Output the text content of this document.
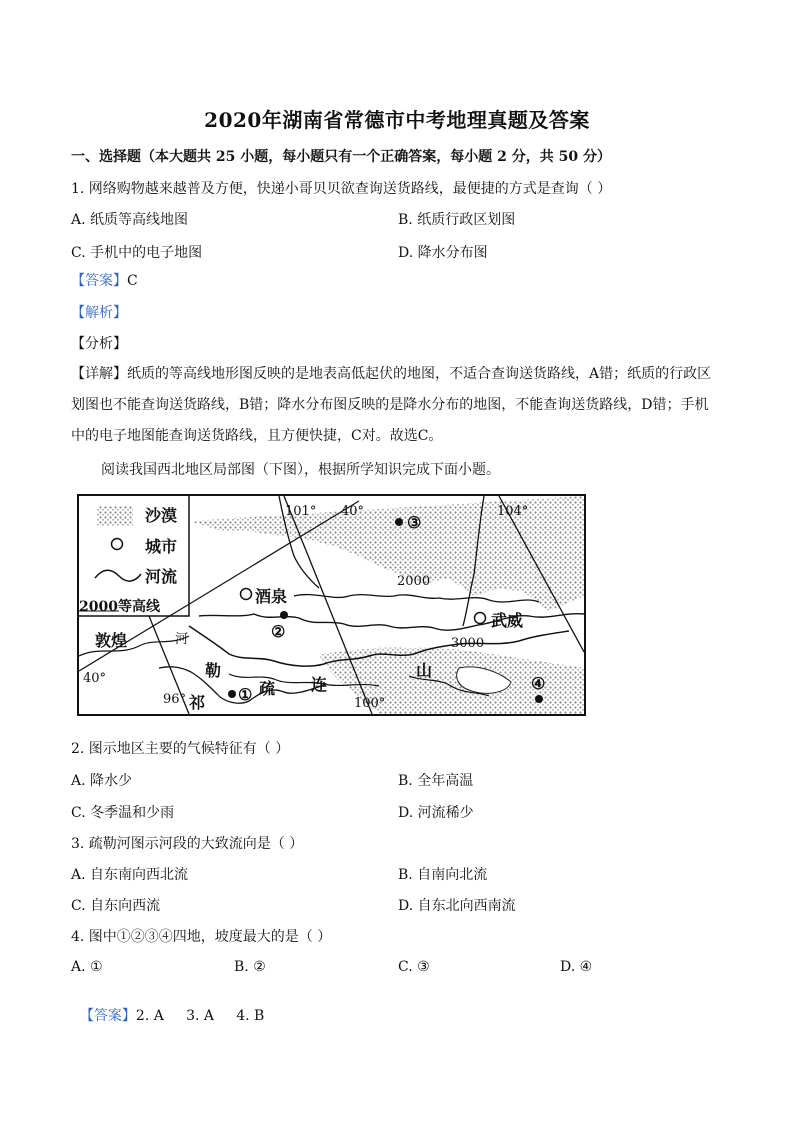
2020年湖南省常德市中考地理真题及答案
一、选择题（本大题共 25 小题，每小题只有一个正确答案，每小题 2 分，共 50 分）
1. 网络购物越来越普及方便，快递小哥贝贝欲查询送货路线，最便捷的方式是查询（ ）
A. 纸质等高线地图	B. 纸质行政区划图
C. 手机中的电子地图	D. 降水分布图
【答案】C
【解析】
【分析】
【详解】纸质的等高线地形图反映的是地表高低起伏的地图，不适合查询送货路线，A错；纸质的行政区划图也不能查询送货路线，B错；降水分布图反映的是降水分布的地图，不能查询送货路线，D错；手机中的电子地图能查询送货路线，且方便快捷，C对。故选C。
阅读我国西北地区局部图（下图），根据所学知识完成下面小题。
沙漠
城市
河流
2000等高线
101° 40°	104°
40°
96°	100°
2000
3000
酒泉
武威
敦煌	河
祁
连
山
疏
勒
①
②
③
④
2. 图示地区主要的气候特征有（ ）
A. 降水少	B. 全年高温
C. 冬季温和少雨	D. 河流稀少
3. 疏勒河图示河段的大致流向是（ ）
A. 自东南向西北流	B. 自南向北流
C. 自东向西流	D. 自东北向西南流
4. 图中①②③④四地，坡度最大的是（ ）
A. ①	B. ②	C. ③	D. ④

【答案】2. A     3. A     4. B
